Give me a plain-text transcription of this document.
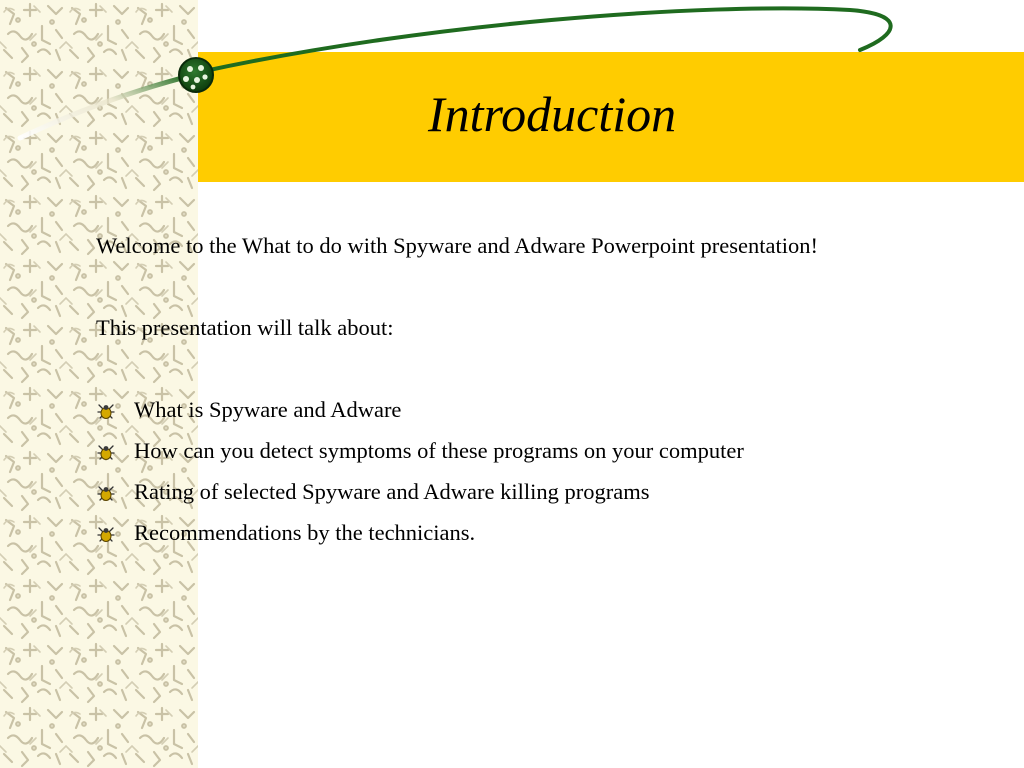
Introduction

Welcome to the What to do with Spyware and Adware Powerpoint presentation!

This presentation will talk about:

What is Spyware and Adware
How can you detect symptoms of these programs on your computer
Rating of selected Spyware and Adware killing programs
Recommendations by the technicians.
